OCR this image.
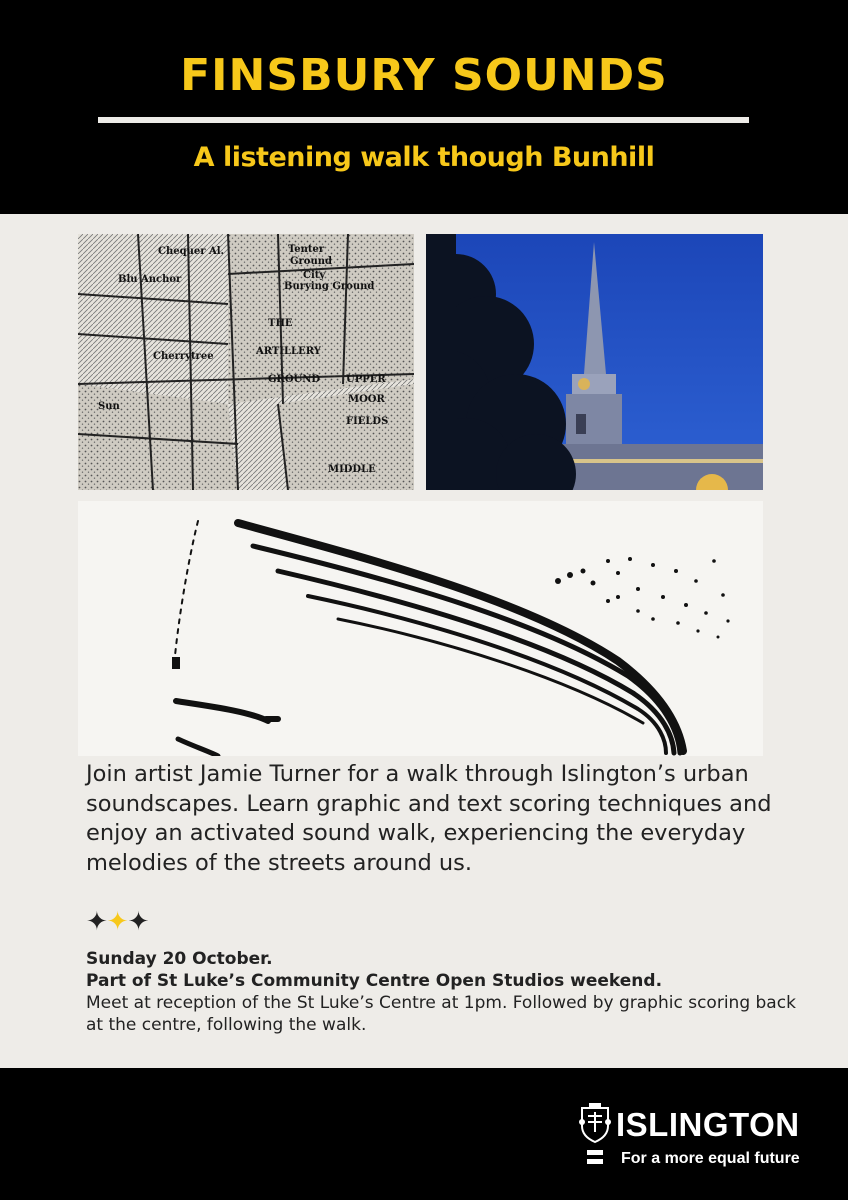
FINSBURY SOUNDS
A listening walk though Bunhill
Tenter
Ground
City
Burying Ground
THE
ARTILLERY
GROUND	UPPER
MOOR
FIELDS
Blu Anchor
Chequer Al.
Cherrytree
Sun
MIDDLE
Join artist Jamie Turner for a walk through Islington’s urban soundscapes. Learn graphic and text scoring techniques and enjoy an activated sound walk, experiencing the everyday melodies of the streets around us.
✦✦✦
Sunday 20 October.
Part of St Luke’s Community Centre Open Studios weekend.
Meet at reception of the St Luke’s Centre at 1pm. Followed by graphic scoring back at the centre, following the walk.
ISLINGTON
For a more equal future
